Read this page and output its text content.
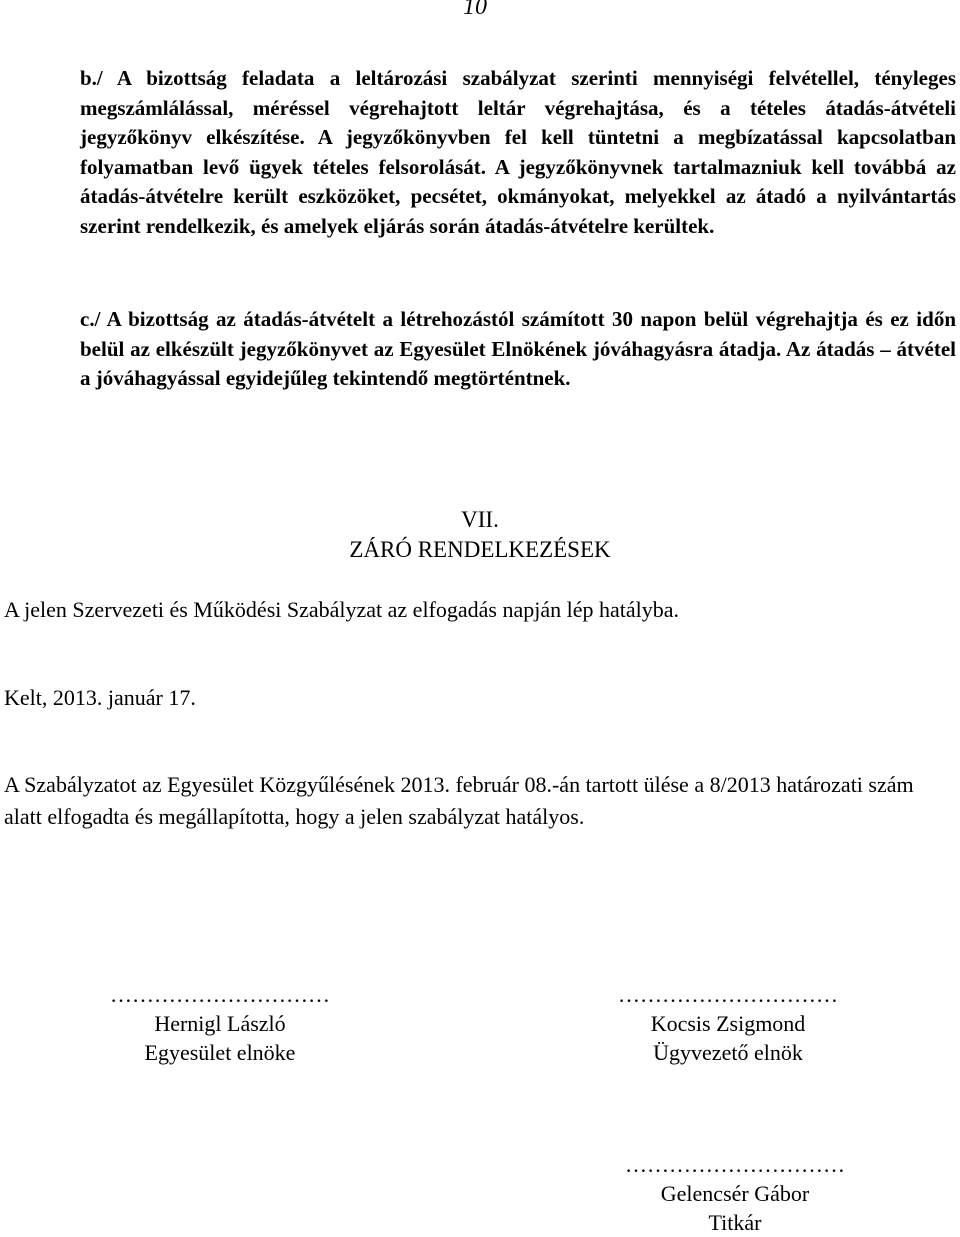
10

b./ A bizottság feladata a leltározási szabályzat szerinti mennyiségi felvétellel, tényleges megszámlálással, méréssel végrehajtott leltár végrehajtása, és a tételes átadás-átvételi jegyzőkönyv elkészítése. A jegyzőkönyvben fel kell tüntetni a megbízatással kapcsolatban folyamatban levő ügyek tételes felsorolását. A jegyzőkönyvnek tartalmazniuk kell továbbá az átadás-átvételre került eszközöket, pecsétet, okmányokat, melyekkel az átadó a nyilvántartás szerint rendelkezik, és amelyek eljárás során átadás-átvételre kerültek.

c./ A bizottság az átadás-átvételt a létrehozástól számított 30 napon belül végrehajtja és ez időn belül az elkészült jegyzőkönyvet az Egyesület Elnökének jóváhagyásra átadja. Az átadás – átvétel a jóváhagyással egyidejűleg tekintendő megtörténtnek.

VII.
ZÁRÓ RENDELKEZÉSEK

A jelen Szervezeti és Működési Szabályzat az elfogadás napján lép hatályba.

Kelt, 2013. január 17.

A Szabályzatot az Egyesület Közgyűlésének 2013. február 08.-án tartott ülése a 8/2013 határozati szám alatt elfogadta és megállapította, hogy a jelen szabályzat hatályos.

…………………………
Hernigl László
Egyesület elnöke
…………………………
Kocsis Zsigmond
Ügyvezető elnök
…………………………
Gelencsér Gábor
Titkár
